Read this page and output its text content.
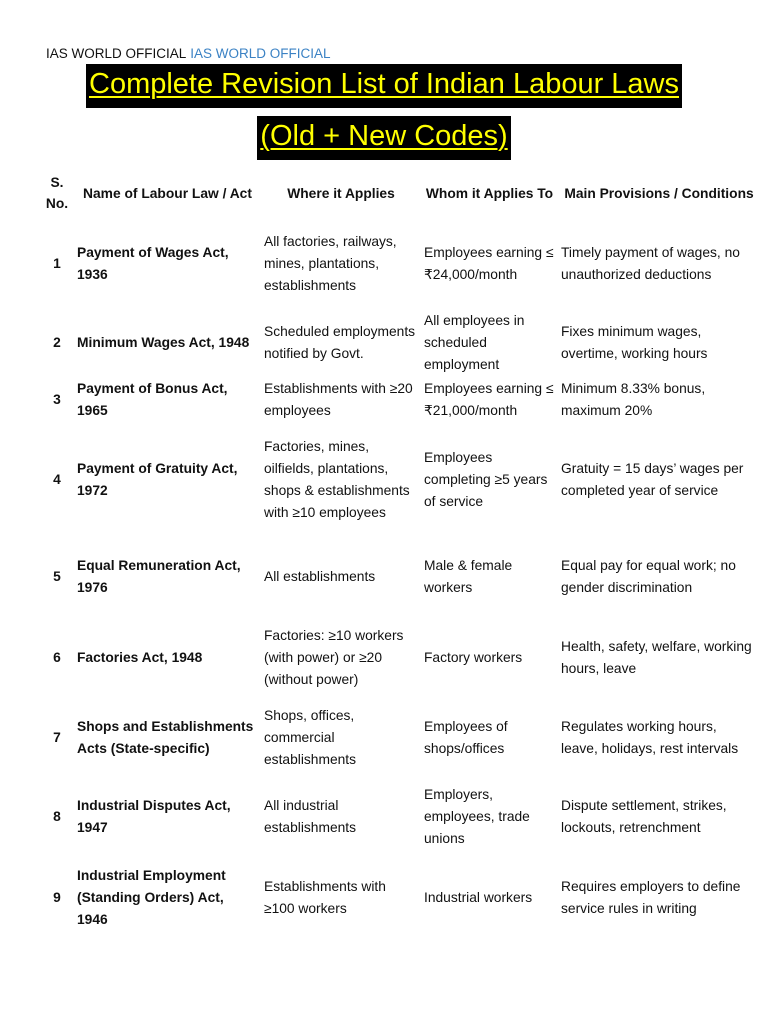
IAS WORLD OFFICIAL IAS WORLD OFFICIAL
Complete Revision List of Indian Labour Laws
(Old + New Codes)
S. No.	Name of Labour Law / Act	Where it Applies	Whom it Applies To	Main Provisions / Conditions
1	Payment of Wages Act, 1936	All factories, railways, mines, plantations, establishments	Employees earning ≤ ₹24,000/month	Timely payment of wages, no unauthorized deductions
2	Minimum Wages Act, 1948	Scheduled employments notified by Govt.	All employees in scheduled employment	Fixes minimum wages, overtime, working hours
3	Payment of Bonus Act, 1965	Establishments with ≥20 employees	Employees earning ≤ ₹21,000/month	Minimum 8.33% bonus, maximum 20%
4	Payment of Gratuity Act, 1972	Factories, mines, oilfields, plantations, shops & establishments with ≥10 employees	Employees completing ≥5 years of service	Gratuity = 15 days’ wages per completed year of service
5	Equal Remuneration Act, 1976	All establishments	Male & female workers	Equal pay for equal work; no gender discrimination
6	Factories Act, 1948	Factories: ≥10 workers (with power) or ≥20 (without power)	Factory workers	Health, safety, welfare, working hours, leave
7	Shops and Establishments Acts (State-specific)	Shops, offices, commercial establishments	Employees of shops/offices	Regulates working hours, leave, holidays, rest intervals
8	Industrial Disputes Act, 1947	All industrial establishments	Employers, employees, trade unions	Dispute settlement, strikes, lockouts, retrenchment
9	Industrial Employment (Standing Orders) Act, 1946	Establishments with ≥100 workers	Industrial workers	Requires employers to define service rules in writing
